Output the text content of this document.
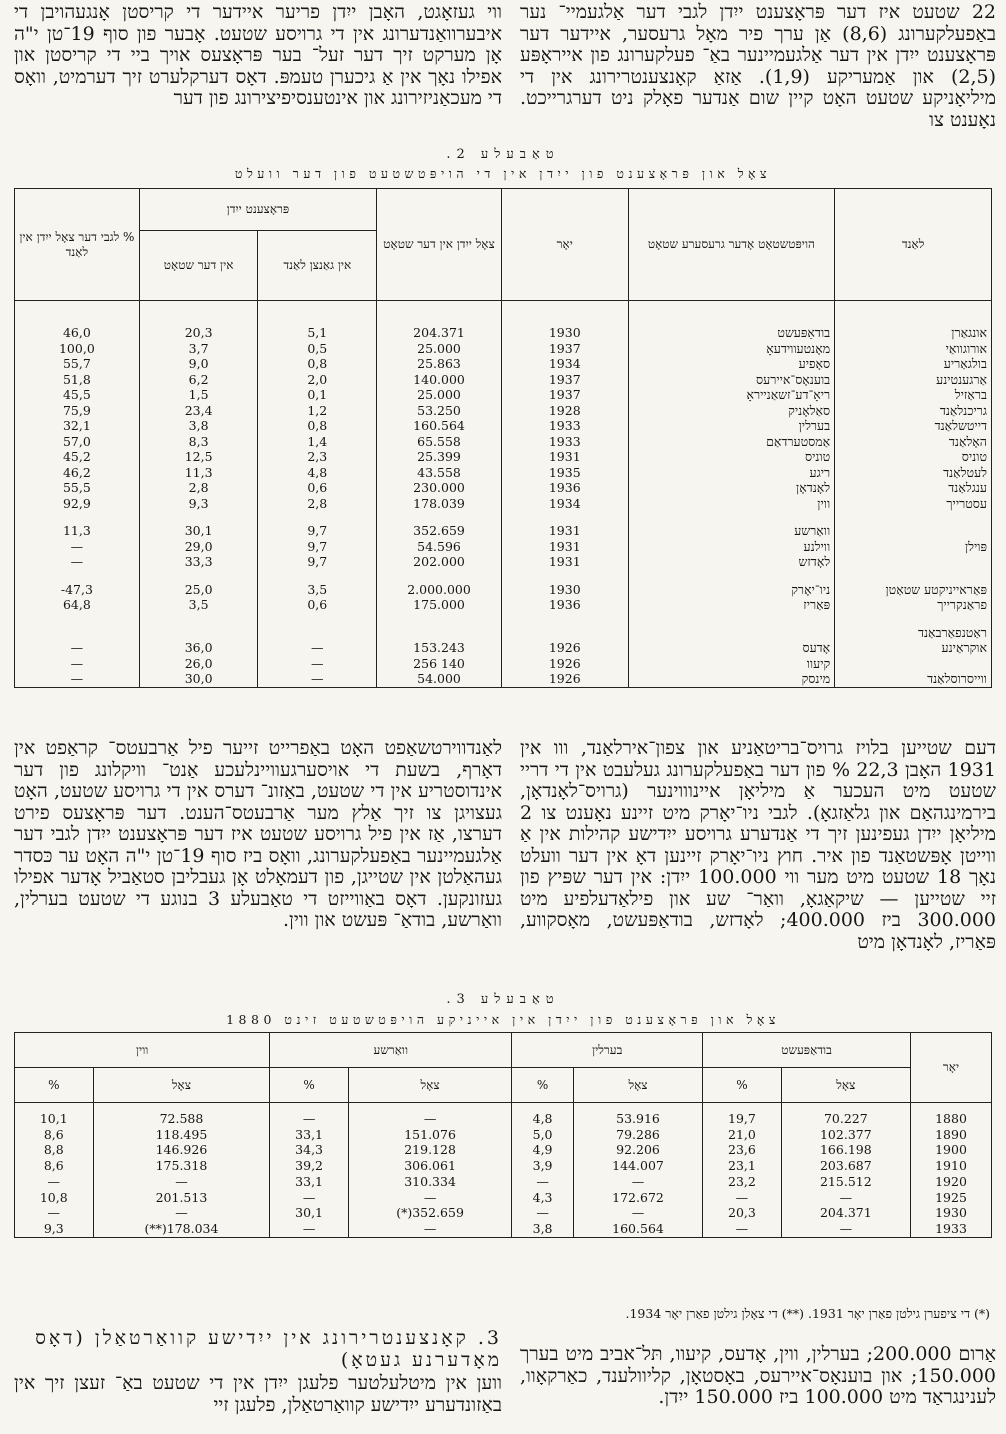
22 שטעט איז דער פּראָצענט ייִדן לגבי דער אַלגעמיי־ נער באַפעלקערונג (8,6) אַן ערך פיר מאָל גרעסער, איידער דער פּראָצענט ייִדן אין דער אַלגעמיינער באַ־ פעלקערונג פון אייראָפּע (2,5) און אַמעריקע (1,9). אַזאַ קאָנצענטרירונג אין די מיליאָניקע שטעט האָט קיין שום אַנדער פאָלק ניט דערגרייכט. נאָענט צו

ווי געזאָגט, האָבן ייִדן פריער איידער די קריסטן אָנגעהויבן די איבערוואַנדערונג אין די גרויסע שטעט. אָבער פון סוף 19־טן י"ה אָן מערקט זיך דער זעל־ בער פּראָצעס אויך ביי די קריסטן און אפילו נאָך אין אַ גיכערן טעמפּ. דאָס דערקלערט זיך דערמיט, וואָס די מעכאַניזירונג און אינטענסיפיצירונג פון דער

טאַבעלע 2.
צאָל און פּראָצענט פון ייִדן אין די הויפּטשטעט פון דער וועלט
לאַנד	הויפּטשטאָט אָדער גרעסערע שטאָט	יאָר	צאָל ייִדן אין דער שטאָט	פּראָצענט ייִדן		% לגבי דער צאָל ייִדן אין לאַנד
				אין גאַנצן לאַנד	אין דער שטאָט	

אונגאַרן	בודאַפּעשט	1930	204.371	5,1	20,3	46,0
אורוגוואַי	מאָנטעווידעאָ	1937	25.000	0,5	3,7	100,0
בולגאַריע	סאָפיע	1934	25.863	0,8	9,0	55,7
אַרגענטינע	בוענאָס־איירעס	1937	140.000	2,0	6,2	51,8
בראַזיל	ריאָ־דע־זשאַנייראָ	1937	25.000	0,1	1,5	45,5
גריכנלאַנד	סאַלאָניק	1928	53.250	1,2	23,4	75,9
דייטשלאַנד	בערלין	1933	160.564	0,8	3,8	32,1
האָלאַנד	אַמסטערדאַם	1933	65.558	1,4	8,3	57,0
טוניס	טוניס	1931	25.399	2,3	12,5	45,2
לעטלאַנד	ריגע	1935	43.558	4,8	11,3	46,2
ענגלאַנד	לאָנדאָן	1936	230.000	0,6	2,8	55,5
עסטרייך	ווין	1934	178.039	2,8	9,3	92,9

	וואַרשע	1931	352.659	9,7	30,1	11,3
פּוילן	ווילנע	1931	54.596	9,7	29,0	—
	לאָדזש	1931	202.000	9,7	33,3	—

פּאַראייניקטע שטאַטן	ניו־יאָרק	1930	2.000.000	3,5	25,0	47,3-
פראַנקרייך	פּאַריז	1936	175.000	0,6	3,5	64,8

ראַטנפאַרבאַנד						
אוקראַינע	אָדעס	1926	153.243	—	36,0	—
	קיעוו	1926	140 256	—	26,0	—
ווייסרוסלאַנד	מינסק	1926	54.000	—	30,0	—

דעם שטייען בלויז גרויס־בריטאַניע און צפון־אירלאַנד, ווו אין 1931 האָבן 22,3 % פון דער באַפעלקערונג געלעבט אין די דריי שטעט מיט העכער אַ מיליאָן איינוווינער (גרויס־לאָנדאָן, בירמינגהאַם און גלאַזגאָ). לגבי ניו־יאָרק מיט זיינע נאָענט צו 2 מיליאָן ייִדן געפינען זיך די אַנדערע גרויסע ייִדישע קהילות אין אַ ווייטן אָפּשטאַנד פון איר. חוץ ניו־יאָרק זיינען דאָ אין דער וועלט נאָך 18 שטעט מיט מער ווי 100.000 ייִדן: אין דער שפּיץ פון זיי שטייען — שיקאַגאָ, וואַר־ שע און פילאַדעלפיע מיט 300.000 ביז 400.000; לאָדזש, בודאַפּעשט, מאָסקווע, פּאַריז, לאָנדאָן מיט

לאַנדווירטשאַפט האָט באַפרייט זייער פיל אַרבעטס־ קראַפט אין דאָרף, בשעת די אויסערגעוויינלעכע אַנט־ וויקלונג פון דער אינדוסטריע אין די שטעט, באַזונ־ דערס אין די גרויסע שטעט, האָט געצויגן צו זיך אַלץ מער אַרבעטס־הענט. דער פּראָצעס פירט דערצו, אַז אין פיל גרויסע שטעט איז דער פּראָצענט ייִדן לגבי דער אַלגעמיינער באַפעלקערונג, וואָס ביז סוף 19־טן י"ה האָט ער כּסדר געהאַלטן אין שטייגן, פון דעמאָלט אָן געבליבן סטאַביל אָדער אפילו געזונקען. דאָס באַווייזט די טאַבעלע 3 בנוגע די שטעט בערלין, וואַרשע, בודאַ־ פּעשט און ווין.

טאַבעלע 3.
צאָל און פּראָצענט פון ייִדן אין אייניקע הויפּטשטעט זינט 1880
יאָר	בודאַפּעשט		בערלין		וואַרשע		ווין	
	צאָל	%	צאָל	%	צאָל	%	צאָל	%
1880	70.227	19,7	53.916	4,8	—	—	72.588	10,1
1890	102.377	21,0	79.286	5,0	151.076	33,1	118.495	8,6
1900	166.198	23,6	92.206	4,9	219.128	34,3	146.926	8,8
1910	203.687	23,1	144.007	3,9	306.061	39,2	175.318	8,6
1920	215.512	23,2	—	—	310.334	33,1	—	—
1925	—	—	172.672	4,3	—	—	201.513	10,8
1930	204.371	20,3	—	—	352.659(*)	30,1	—	—
1933	—	—	160.564	3,8	—	—	178.034(**)	9,3
(*) די ציפערן גילטן פאַרן יאָר 1931. (**) די צאָלן גילטן פאַרן יאָר 1934.

אַרום 200.000; בערלין, ווין, אָדעס, קיעוו, תּל־אביב מיט בערך 150.000; און בוענאָס־איירעס, באָסטאָן, קליוולענד, כאַרקאָוו, לענינגראַד מיט 100.000 ביז 150.000 ייִדן.

3. קאָנצענטרירונג אין ייִדישע קוואַרטאַלן (דאָס מאָדערנע געטאָ)

ווען אין מיטלעלטער פלעגן ייִדן אין די שטעט באַ־ זעצן זיך אין באַזונדערע ייִדישע קוואַרטאַלן, פלעגן זיי
